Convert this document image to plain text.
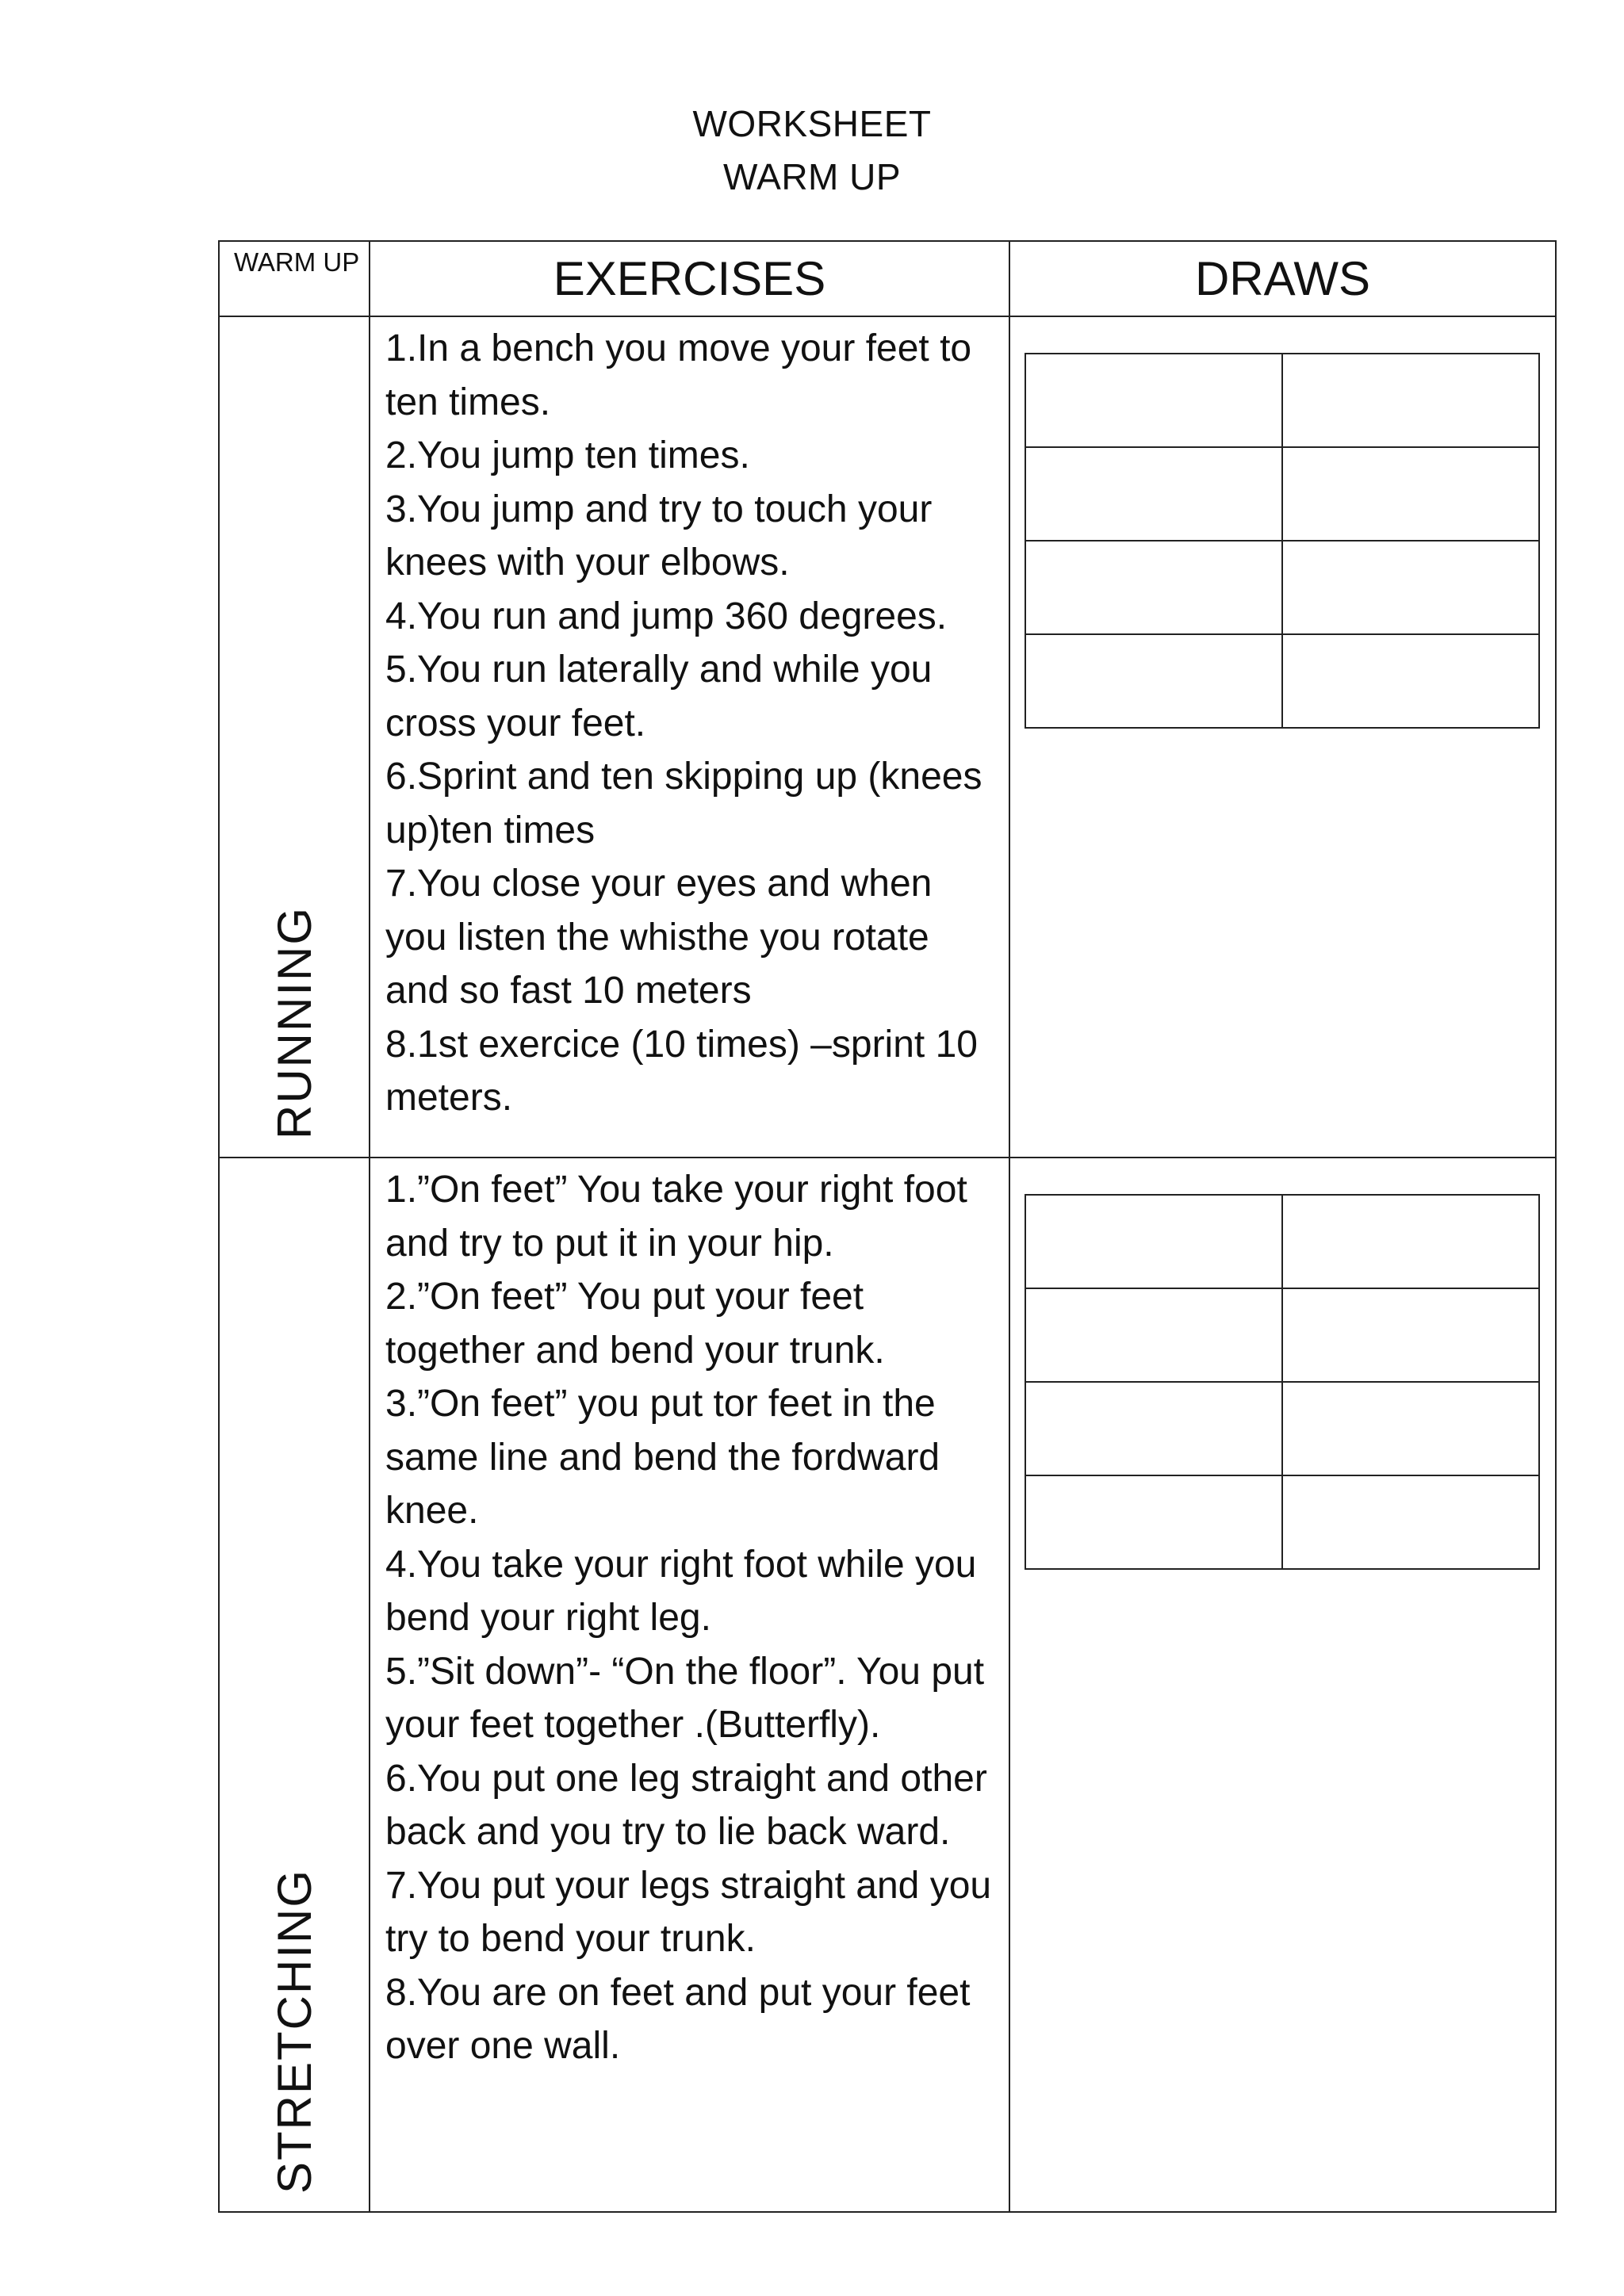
WORKSHEET
WARM UP
WARM UP	EXERCISES	DRAWS

RUNNING

1.In a bench you move your feet to ten times.
2.You jump ten times.
3.You jump and try to touch your knees with your elbows.
4.You run and jump 360 degrees.
5.You run laterally and while you cross your feet.
6.Sprint and ten skipping up (knees up)ten times
7.You close your eyes and when you listen the whisthe you rotate and so fast 10 meters
8.1st exercice (10 times) –sprint 10 meters.

STRETCHING

1.”On feet” You take your right foot and try to put it in your hip.
2.”On feet” You put your feet together and bend your trunk.
3.”On feet” you put tor feet in the same line and bend the fordward knee.
4.You take your right foot while you bend your right leg.
5.”Sit down”- “On the floor”. You put your feet together .(Butterfly).
6.You put one leg straight and other back and you try to lie back ward.
7.You put your legs straight and you try to bend your trunk.
8.You are on feet and put your feet over one wall.
